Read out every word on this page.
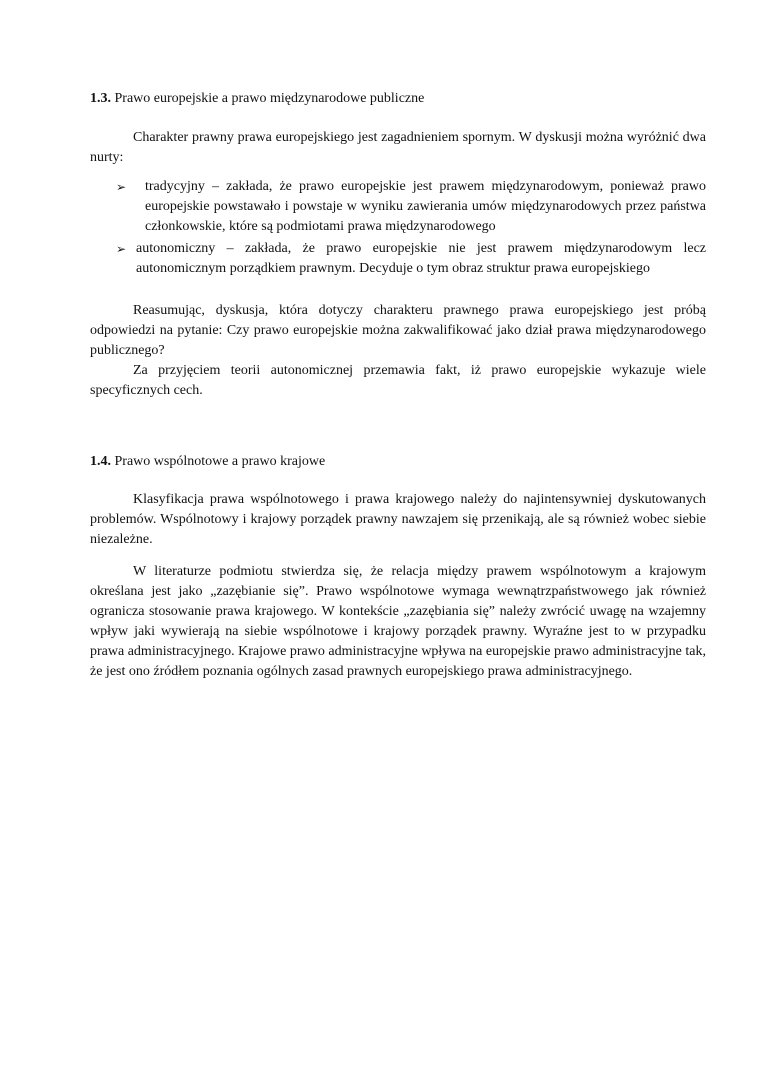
1.3. Prawo europejskie a prawo międzynarodowe publiczne

Charakter prawny prawa europejskiego jest zagadnieniem spornym. W dyskusji można wyróżnić dwa nurty:

➢ tradycyjny – zakłada, że prawo europejskie jest prawem międzynarodowym, ponieważ prawo europejskie powstawało i powstaje w wyniku zawierania umów międzynarodowych przez państwa członkowskie, które są podmiotami prawa międzynarodowego
➢ autonomiczny – zakłada, że prawo europejskie nie jest prawem międzynarodowym lecz autonomicznym porządkiem prawnym. Decyduje o tym obraz struktur prawa europejskiego

Reasumując, dyskusja, która dotyczy charakteru prawnego prawa europejskiego jest próbą odpowiedzi na pytanie: Czy prawo europejskie można zakwalifikować jako dział prawa międzynarodowego publicznego?

Za przyjęciem teorii autonomicznej przemawia fakt, iż prawo europejskie wykazuje wiele specyficznych cech.

1.4. Prawo wspólnotowe a prawo krajowe

Klasyfikacja prawa wspólnotowego i prawa krajowego należy do najintensywniej dyskutowanych problemów. Wspólnotowy i krajowy porządek prawny nawzajem się przenikają, ale są również wobec siebie niezależne.

W literaturze podmiotu stwierdza się, że relacja między prawem wspólnotowym a krajowym określana jest jako „zazębianie się”. Prawo wspólnotowe wymaga wewnątrzpaństwowego jak również ogranicza stosowanie prawa krajowego. W kontekście „zazębiania się” należy zwrócić uwagę na wzajemny wpływ jaki wywierają na siebie wspólnotowe i krajowy porządek prawny. Wyraźne jest to w przypadku prawa administracyjnego. Krajowe prawo administracyjne wpływa na europejskie prawo administracyjne tak, że jest ono źródłem poznania ogólnych zasad prawnych europejskiego prawa administracyjnego.
